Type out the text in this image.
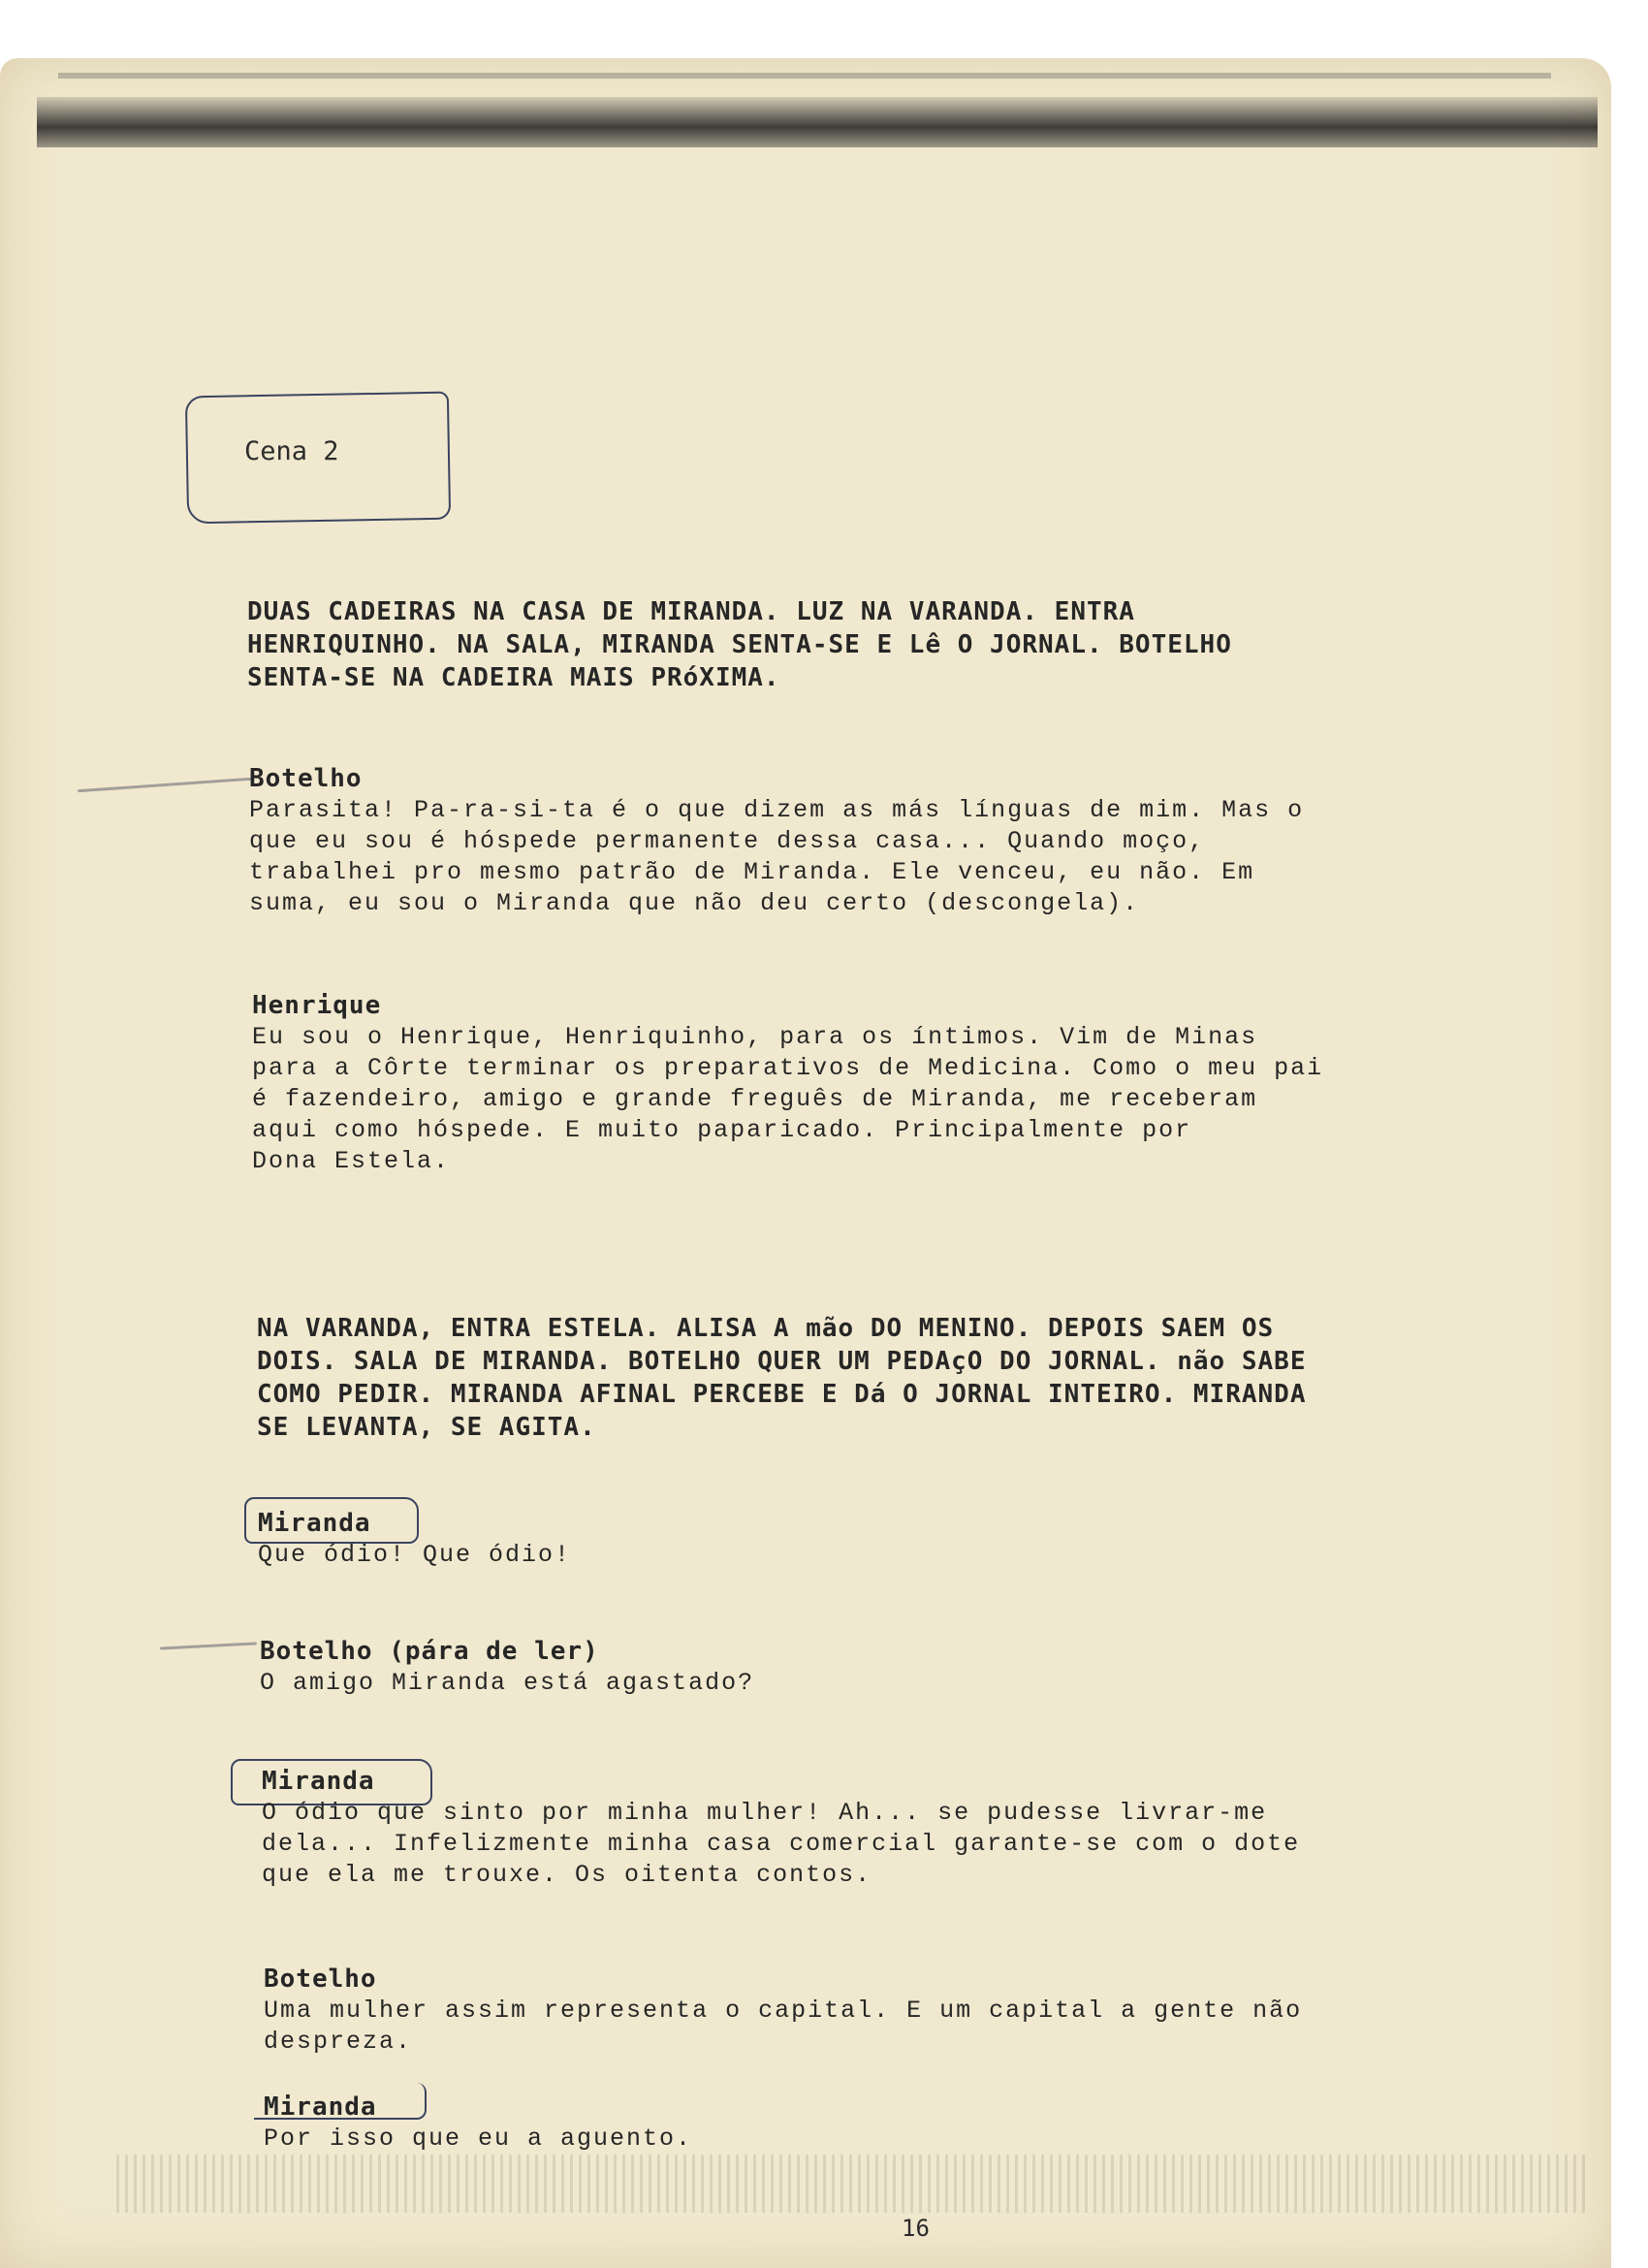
Cena 2
DUAS CADEIRAS NA CASA DE MIRANDA. LUZ NA VARANDA. ENTRA
HENRIQUINHO. NA SALA, MIRANDA SENTA-SE E Lê O JORNAL. BOTELHO
SENTA-SE NA CADEIRA MAIS PRóXIMA.
Botelho
Parasita! Pa-ra-si-ta é o que dizem as más línguas de mim. Mas o
que eu sou é hóspede permanente dessa casa... Quando moço,
trabalhei pro mesmo patrão de Miranda. Ele venceu, eu não. Em
suma, eu sou o Miranda que não deu certo (descongela).
Henrique
Eu sou o Henrique, Henriquinho, para os íntimos. Vim de Minas
para a Côrte terminar os preparativos de Medicina. Como o meu pai
é fazendeiro, amigo e grande freguês de Miranda, me receberam
aqui como hóspede. E muito paparicado. Principalmente por
Dona Estela.
NA VARANDA, ENTRA ESTELA. ALISA A mão DO MENINO. DEPOIS SAEM OS
DOIS. SALA DE MIRANDA. BOTELHO QUER UM PEDAçO DO JORNAL. não SABE
COMO PEDIR. MIRANDA AFINAL PERCEBE E Dá O JORNAL INTEIRO. MIRANDA
SE LEVANTA, SE AGITA.
Miranda
Que ódio! Que ódio!
Botelho (pára de ler)
O amigo Miranda está agastado?
Miranda
O ódio que sinto por minha mulher! Ah... se pudesse livrar-me
dela... Infelizmente minha casa comercial garante-se com o dote
que ela me trouxe. Os oitenta contos.
Botelho
Uma mulher assim representa o capital. E um capital a gente não
despreza.
Miranda
Por isso que eu a aguento.
16
